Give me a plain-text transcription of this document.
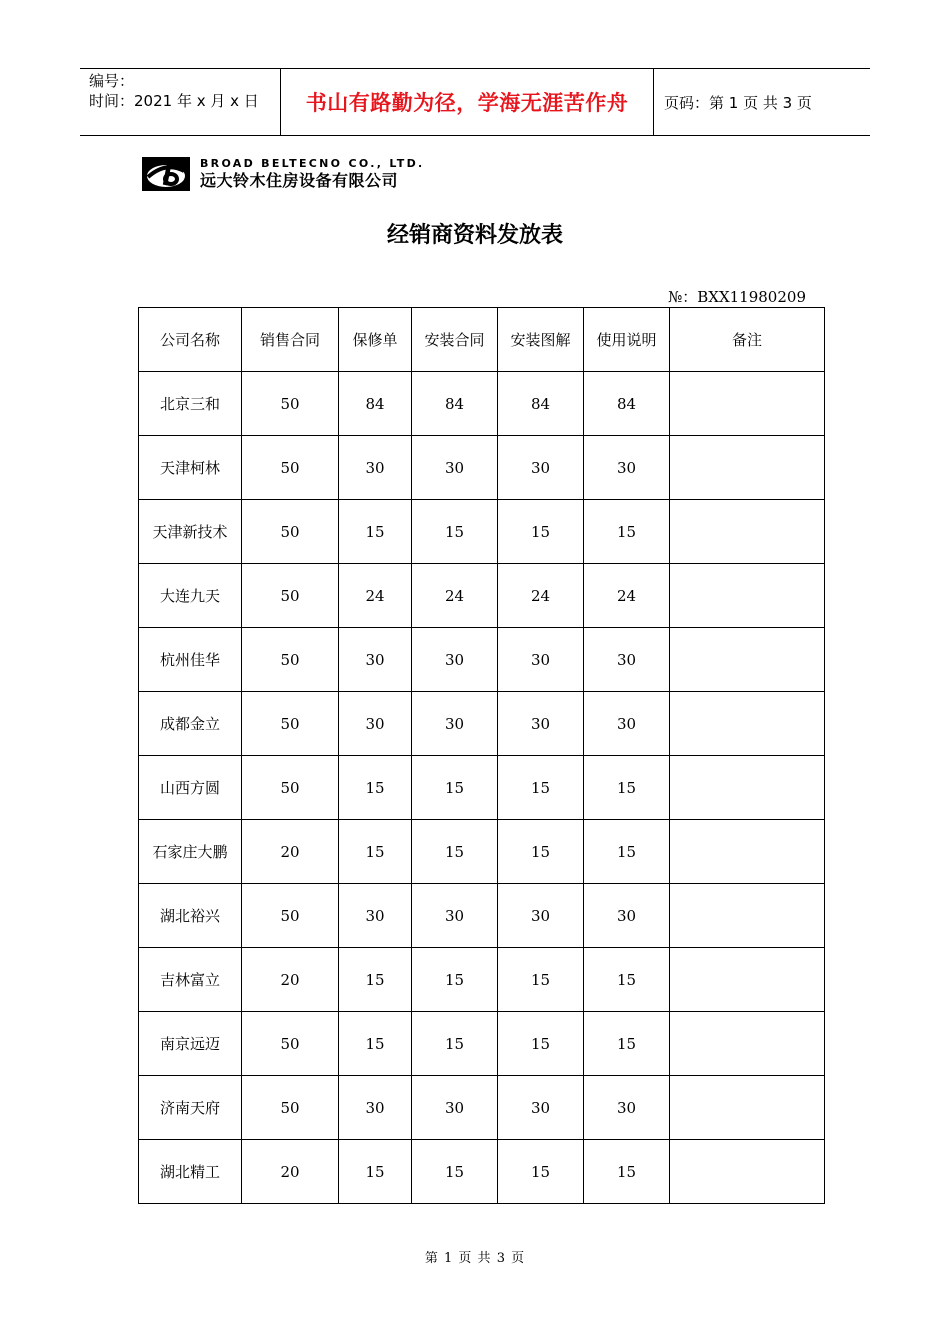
编号：
时间：2021 年 x 月 x 日	书山有路勤为径，学海无涯苦作舟	页码：第 1 页 共 3 页
BROAD BELTECNO CO., LTD.
远大铃木住房设备有限公司
经销商资料发放表
№：BXX11980209
公司名称	销售合同	保修单	安装合同	安装图解	使用说明	备注
北京三和	50	84	84	84	84	
天津柯林	50	30	30	30	30	
天津新技术	50	15	15	15	15	
大连九天	50	24	24	24	24	
杭州佳华	50	30	30	30	30	
成都金立	50	30	30	30	30	
山西方圆	50	15	15	15	15	
石家庄大鹏	20	15	15	15	15	
湖北裕兴	50	30	30	30	30	
吉林富立	20	15	15	15	15	
南京远迈	50	15	15	15	15	
济南天府	50	30	30	30	30	
湖北精工	20	15	15	15	15	
第 1 页 共 3 页
